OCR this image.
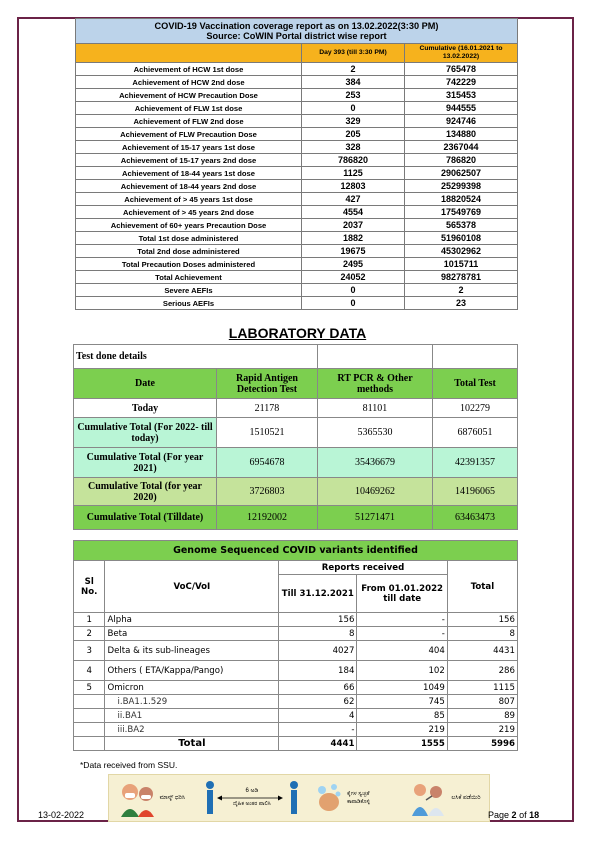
COVID-19 Vaccination coverage report as on 13.02.2022(3:30 PM)
Source: CoWIN Portal district wise report		

	Day 393 (till 3:30 PM)	Cumulative (16.01.2021 to 13.02.2022)
Achievement of HCW 1st dose	2	765478
Achievement of HCW 2nd dose	384	742229
Achievement of HCW Precaution Dose	253	315453
Achievement of FLW 1st dose	0	944555
Achievement of FLW 2nd dose	329	924746
Achievement of FLW Precaution Dose	205	134880
Achievement of 15-17 years 1st dose	328	2367044
Achievement of 15-17 years 2nd dose	786820	786820
Achievement of 18-44 years 1st dose	1125	29062507
Achievement of 18-44 years 2nd dose	12803	25299398
Achievement of > 45 years 1st dose	427	18820524
Achievement of > 45 years 2nd dose	4554	17549769
Achievement of 60+ years Precaution Dose	2037	565378
Total 1st dose administered	1882	51960108
Total 2nd dose administered	19675	45302962
Total Precaution Doses administered	2495	1015711
Total Achievement	24052	98278781
Severe AEFIs	0	2
Serious AEFIs	0	23
LABORATORY DATA
Test done details			
Date	Rapid Antigen Detection Test	RT PCR & Other methods	Total Test
Today	21178	81101	102279
Cumulative Total (For 2022- till today)	1510521	5365530	6876051
Cumulative Total (For year 2021)	6954678	35436679	42391357
Cumulative Total (for year 2020)	3726803	10469262	14196065
Cumulative Total (Tilldate)	12192002	51271471	63463473
Genome Sequenced COVID variants identified				
Sl No.	VoC/VoI	Reports received		Total
		Till 31.12.2021	From 01.01.2022 till date	
1	Alpha	156	-	156
2	Beta	8	-	8
3	Delta & its sub-lineages	4027	404	4431
4	Others ( ETA/Kappa/Pango)	184	102	286
5	Omicron	66	1049	1115
	i.BA1.1.529	62	745	807
	ii.BA1	4	85	89
	iii.BA2	-	219	219
	Total	4441	1555	5996
*Data received from SSU.
ಮಾಸ್ಕ್ ಧರಿಸಿ
6 ಅಡಿ
ದೈಹಿಕ ಅಂತರ ಪಾಲಿಸಿ
ಕೈಗಳ ಸ್ವಚ್ಛತೆ ಕಾಪಾಡಿಕೊಳ್ಳಿ
ಲಸಿಕೆ ಪಡೆಯಿರಿ
13-02-2022	Page 2 of 18
